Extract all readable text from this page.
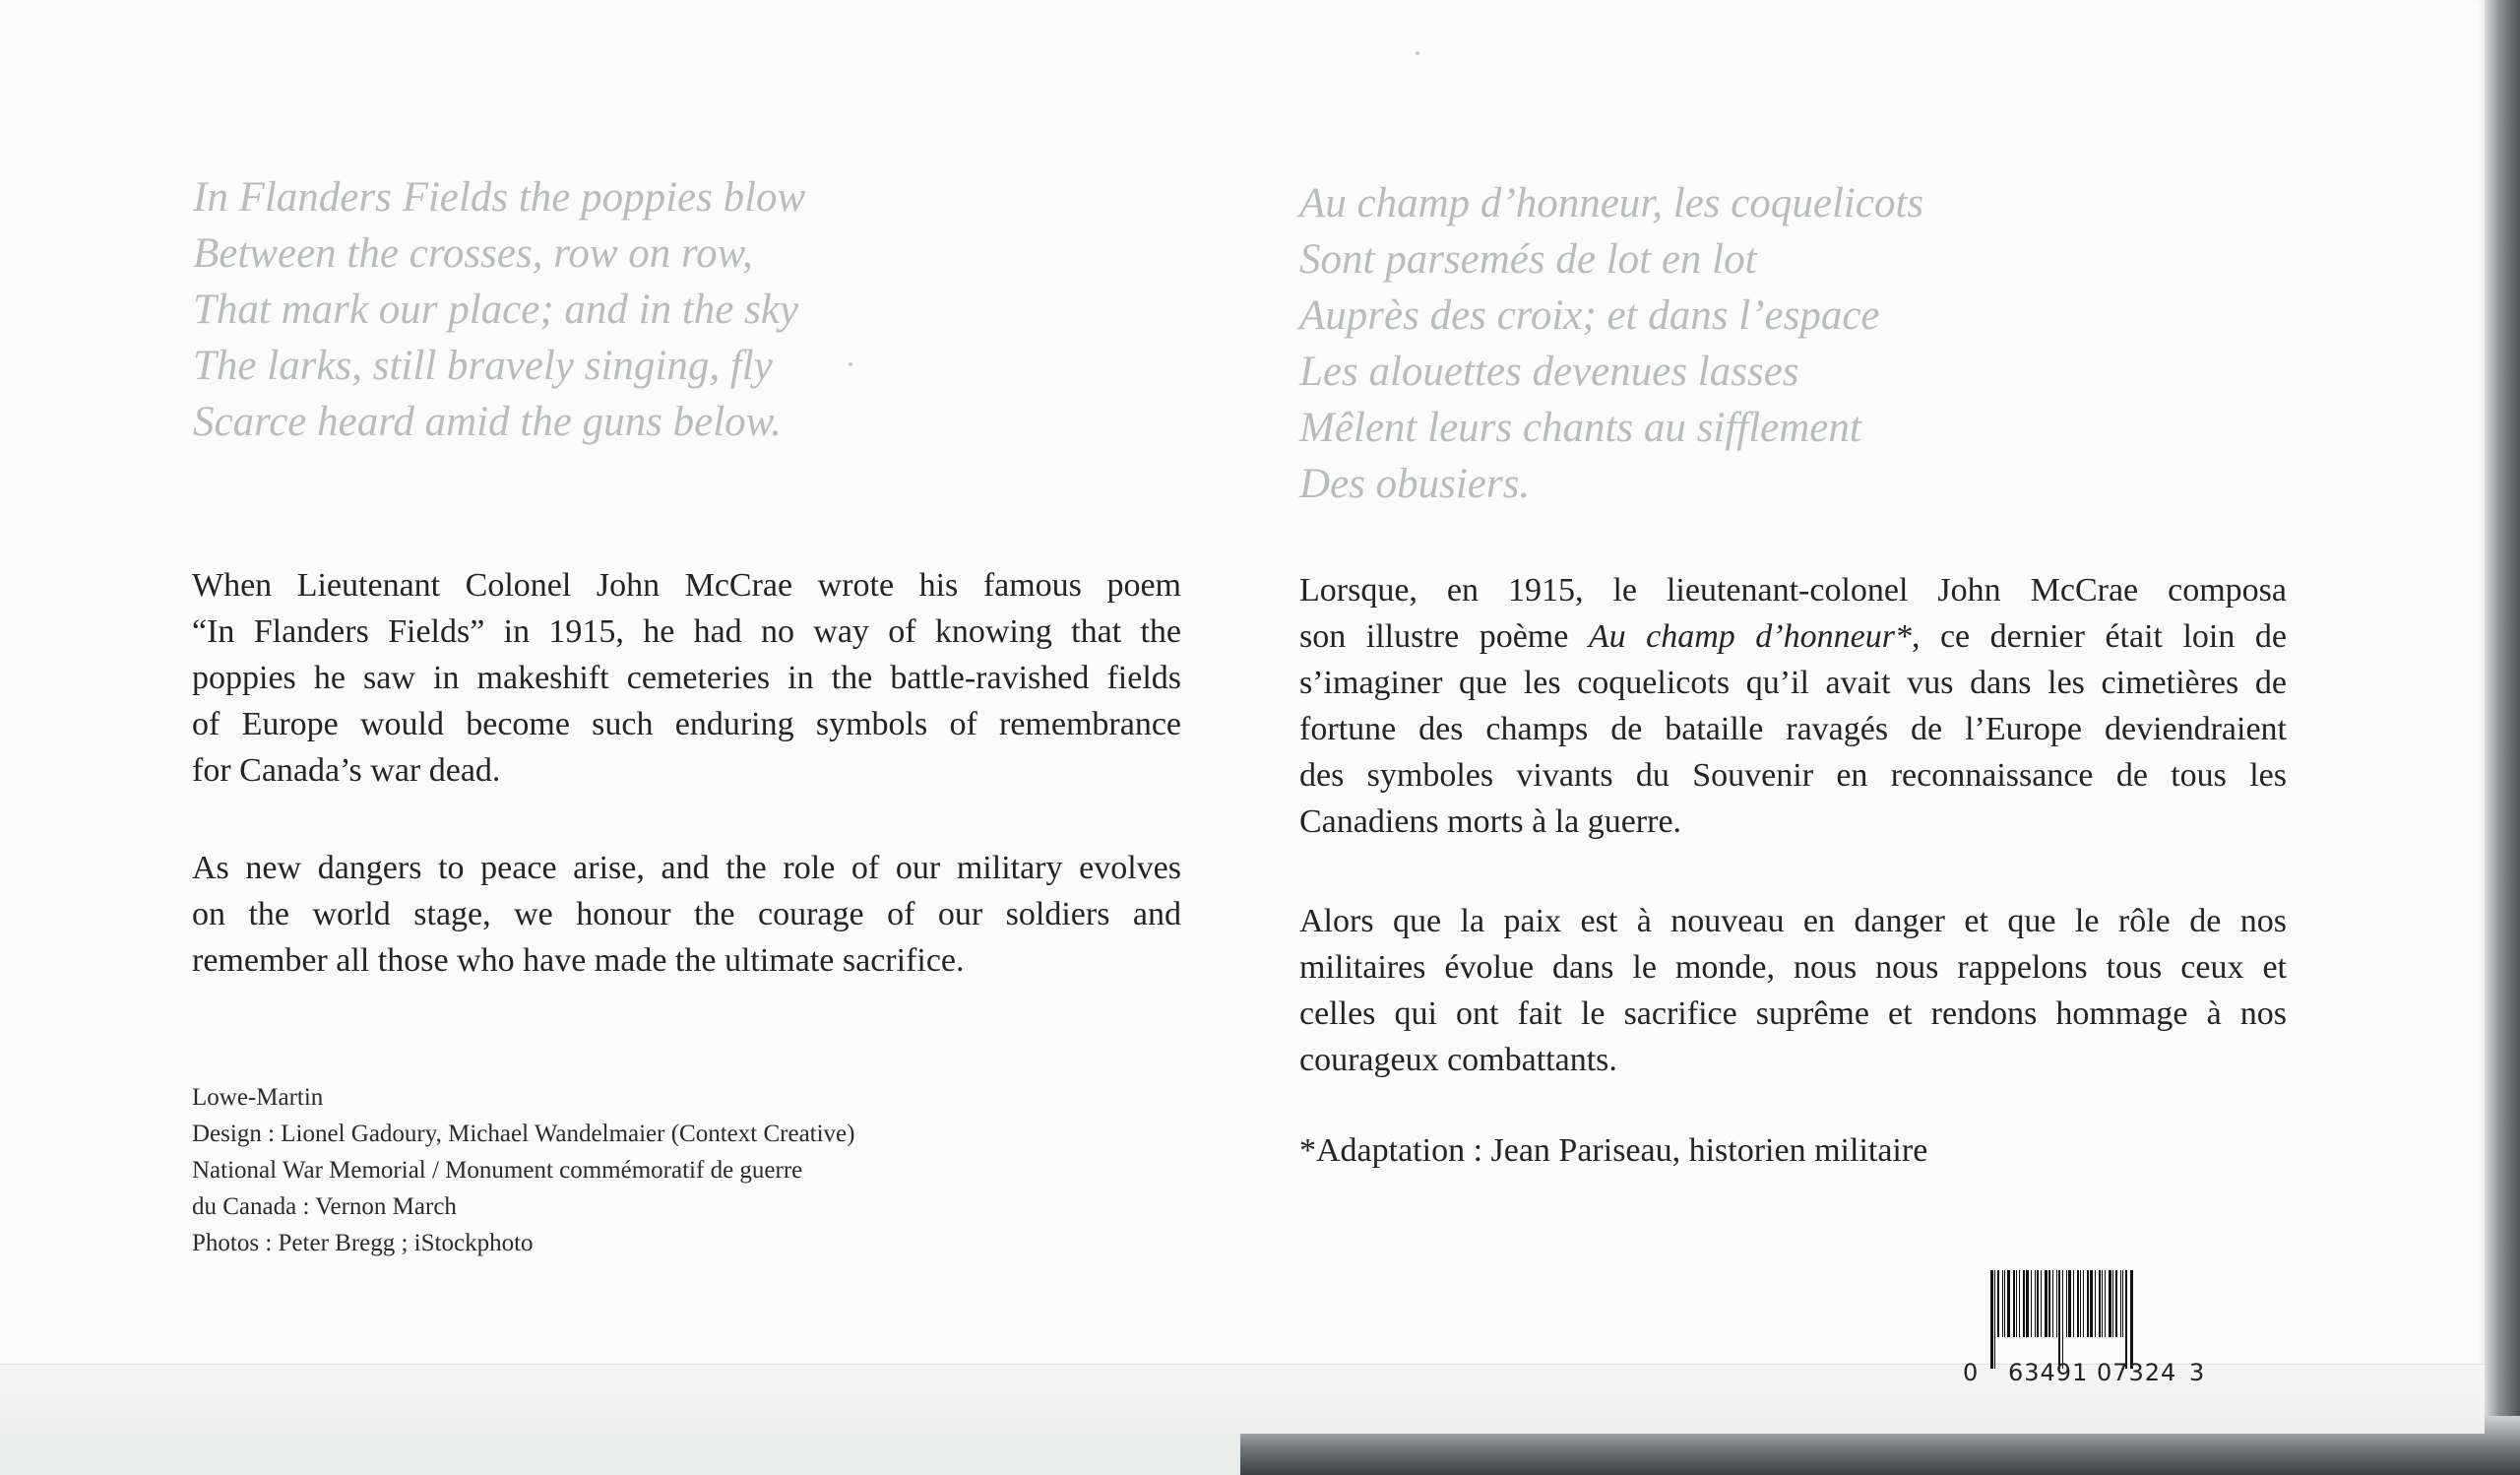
In Flanders Fields the poppies blow
Between the crosses, row on row,
That mark our place; and in the sky
The larks, still bravely singing, fly
Scarce heard amid the guns below.
Au champ d’honneur, les coquelicots
Sont parsemés de lot en lot
Auprès des croix; et dans l’espace
Les alouettes devenues lasses
Mêlent leurs chants au sifflement
Des obusiers.

When Lieutenant Colonel John McCrae wrote his famous poem
“In Flanders Fields” in 1915, he had no way of knowing that the
poppies he saw in makeshift cemeteries in the battle-ravished fields
of Europe would become such enduring symbols of remembrance
for Canada’s war dead.

As new dangers to peace arise, and the role of our military evolves
on the world stage, we honour the courage of our soldiers and
remember all those who have made the ultimate sacrifice.

Lorsque, en 1915, le lieutenant-colonel John McCrae composa
son illustre poème Au champ d’honneur*, ce dernier était loin de
s’imaginer que les coquelicots qu’il avait vus dans les cimetières de
fortune des champs de bataille ravagés de l’Europe deviendraient
des symboles vivants du Souvenir en reconnaissance de tous les
Canadiens morts à la guerre.

Alors que la paix est à nouveau en danger et que le rôle de nos
militaires évolue dans le monde, nous nous rappelons tous ceux et
celles qui ont fait le sacrifice suprême et rendons hommage à nos
courageux combattants.

*Adaptation : Jean Pariseau, historien militaire
Lowe-Martin
Design : Lionel Gadoury, Michael Wandelmaier (Context Creative)
National War Memorial / Monument commémoratif de guerre
du Canada : Vernon March
Photos : Peter Bregg ; iStockphoto
0 63491 07324 3
